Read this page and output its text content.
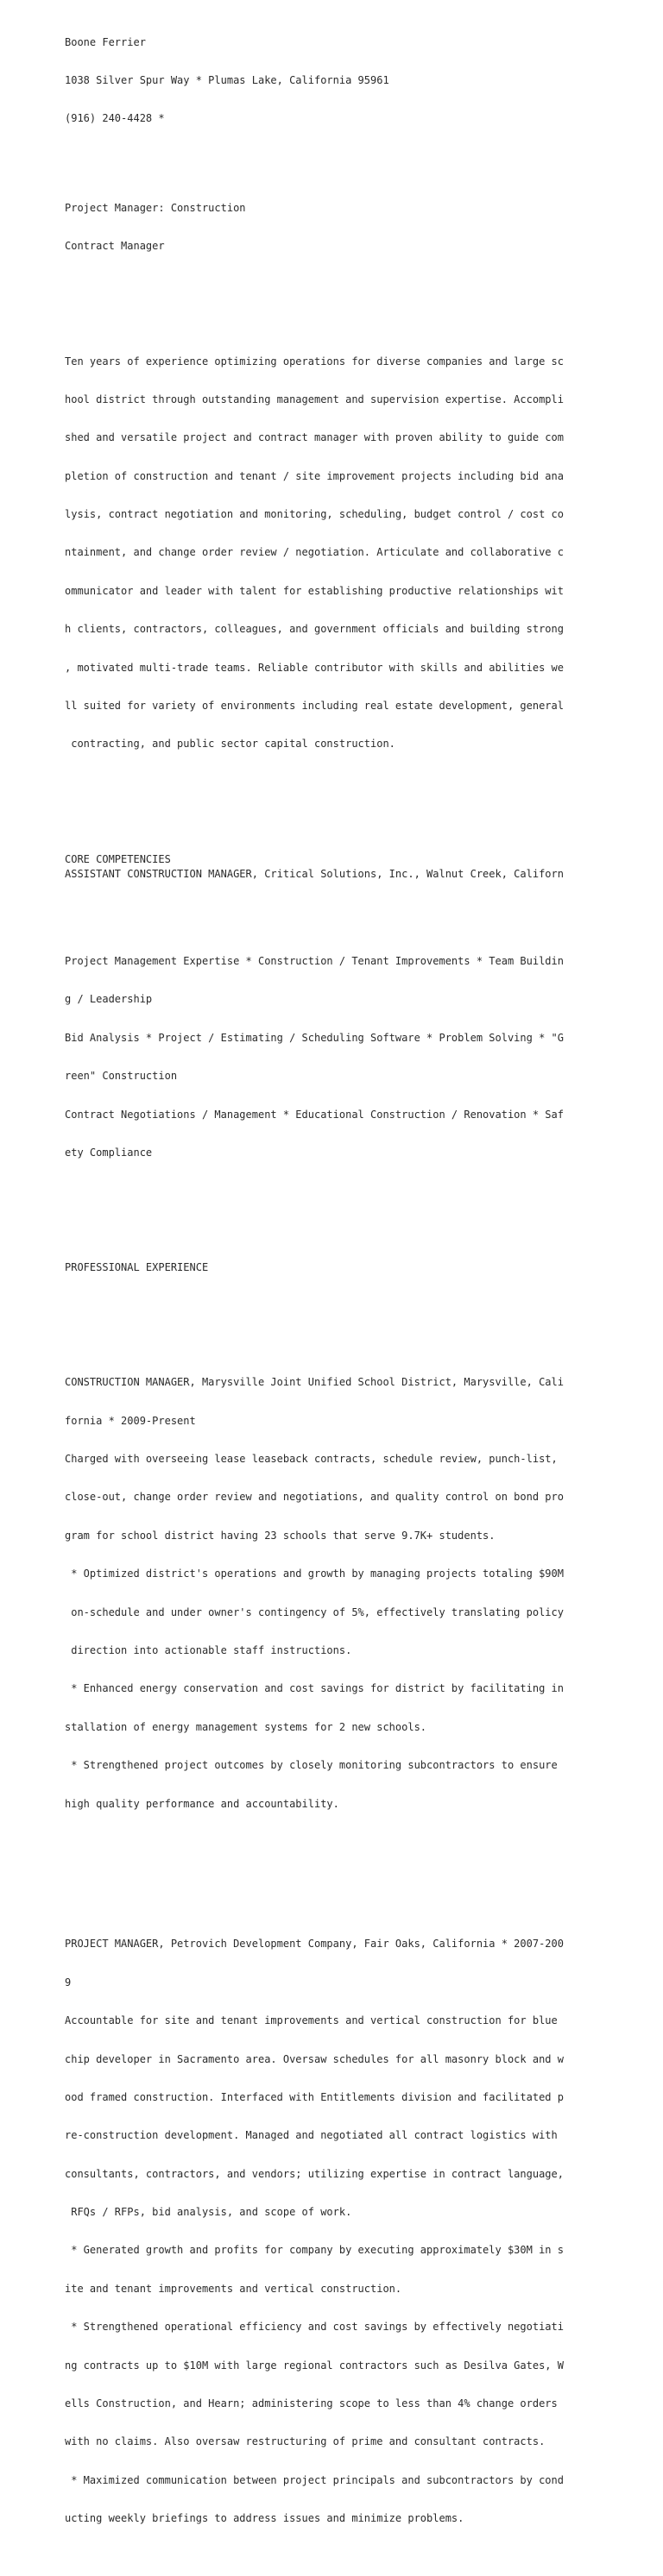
Boone Ferrier

1038 Silver Spur Way * Plumas Lake, California 95961

(916) 240-4428 *

Project Manager: Construction

Contract Manager

Ten years of experience optimizing operations for diverse companies and large sc

hool district through outstanding management and supervision expertise. Accompli

shed and versatile project and contract manager with proven ability to guide com

pletion of construction and tenant / site improvement projects including bid ana

lysis, contract negotiation and monitoring, scheduling, budget control / cost co

ntainment, and change order review / negotiation. Articulate and collaborative c

ommunicator and leader with talent for establishing productive relationships wit

h clients, contractors, colleagues, and government officials and building strong

, motivated multi-trade teams. Reliable contributor with skills and abilities we

ll suited for variety of environments including real estate development, general

contracting, and public sector capital construction.

CORE COMPETENCIES

Project Management Expertise * Construction / Tenant Improvements * Team Buildin

g / Leadership

Bid Analysis * Project / Estimating / Scheduling Software * Problem Solving * "G

reen" Construction

Contract Negotiations / Management * Educational Construction / Renovation * Saf

ety Compliance

PROFESSIONAL EXPERIENCE

CONSTRUCTION MANAGER, Marysville Joint Unified School District, Marysville, Cali

fornia * 2009-Present

Charged with overseeing lease leaseback contracts, schedule review, punch-list,

close-out, change order review and negotiations, and quality control on bond pro

gram for school district having 23 schools that serve 9.7K+ students.

* Optimized district's operations and growth by managing projects totaling $90M

on-schedule and under owner's contingency of 5%, effectively translating policy

direction into actionable staff instructions.

* Enhanced energy conservation and cost savings for district by facilitating in

stallation of energy management systems for 2 new schools.

* Strengthened project outcomes by closely monitoring subcontractors to ensure

high quality performance and accountability.

PROJECT MANAGER, Petrovich Development Company, Fair Oaks, California * 2007-200

9

Accountable for site and tenant improvements and vertical construction for blue

chip developer in Sacramento area. Oversaw schedules for all masonry block and w

ood framed construction. Interfaced with Entitlements division and facilitated p

re-construction development. Managed and negotiated all contract logistics with

consultants, contractors, and vendors; utilizing expertise in contract language,

RFQs / RFPs, bid analysis, and scope of work.

* Generated growth and profits for company by executing approximately $30M in s

ite and tenant improvements and vertical construction.

* Strengthened operational efficiency and cost savings by effectively negotiati

ng contracts up to $10M with large regional contractors such as Desilva Gates, W

ells Construction, and Hearn; administering scope to less than 4% change orders

with no claims. Also oversaw restructuring of prime and consultant contracts.

* Maximized communication between project principals and subcontractors by cond

ucting weekly briefings to address issues and minimize problems.

ASSISTANT CONSTRUCTION MANAGER, Critical Solutions, Inc., Walnut Creek, Californ
